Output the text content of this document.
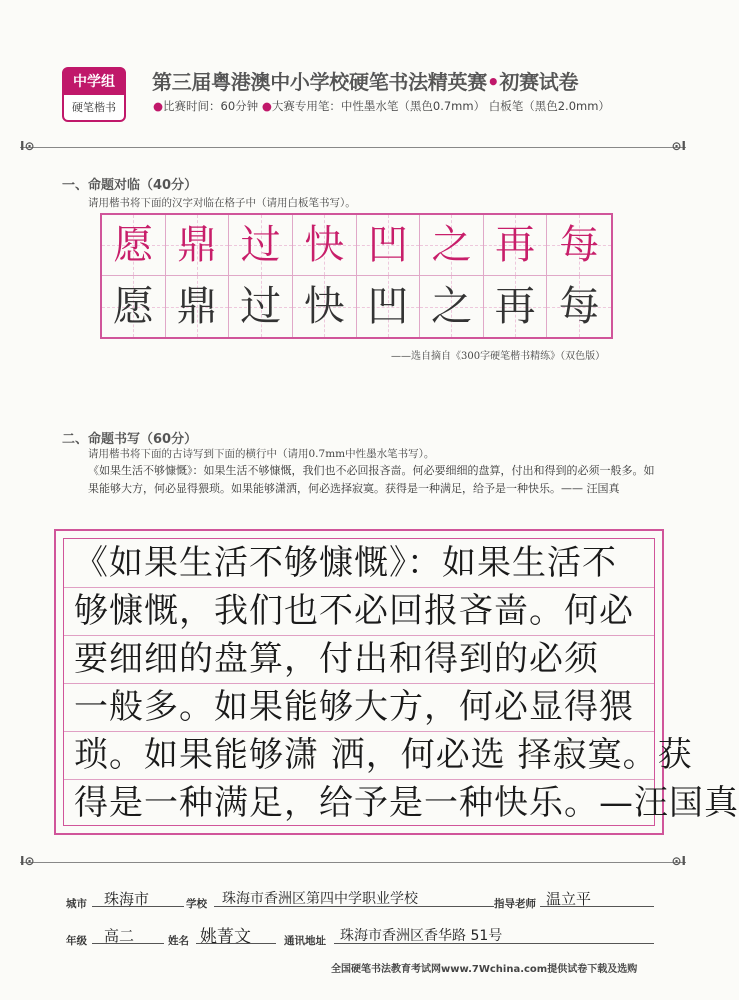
中学组
硬笔楷书
第三届粤港澳中小学校硬笔书法精英赛•初赛试卷
●比赛时间：60分钟 ●大赛专用笔：中性墨水笔（黑色0.7mm） 白板笔（黑色2.0mm）
Ι⊙	⊙Ι
一、命题对临（40分）
请用楷书将下面的汉字对临在格子中（请用白板笔书写）。
愿 鼎 过 快 凹 之 再 每
愿 鼎 过 快 凹 之 再 每
——选自摘自《300字硬笔楷书精练》（双色版）
二、命题书写（60分）
请用楷书将下面的古诗写到下面的横行中（请用0.7mm中性墨水笔书写）。
《如果生活不够慷慨》：如果生活不够慷慨，我们也不必回报吝啬。何必要细细的盘算，付出和得到的必须一般多。如果能够大方，何必显得猥琐。如果能够潇洒，何必选择寂寞。获得是一种满足，给予是一种快乐。—— 汪国真
《如果生活不够慷慨》：如果生活不
够慷慨，我们也不必回报吝啬。何必
要细细的盘算，付出和得到的必须
一般多。如果能够大方，何必显得猥
琐。如果能够潇 洒，何必选 择寂寞。获
得是一种满足，给予是一种快乐。—汪国真
Ι⊙	⊙Ι
城市 珠海市	学校 珠海市香洲区第四中学职业学校	指导老师 温立平
年级 高二	姓名 姚菁文	通讯地址 珠海市香洲区香华路 51号
全国硬笔书法教育考试网www.7Wchina.com提供试卷下载及选购
